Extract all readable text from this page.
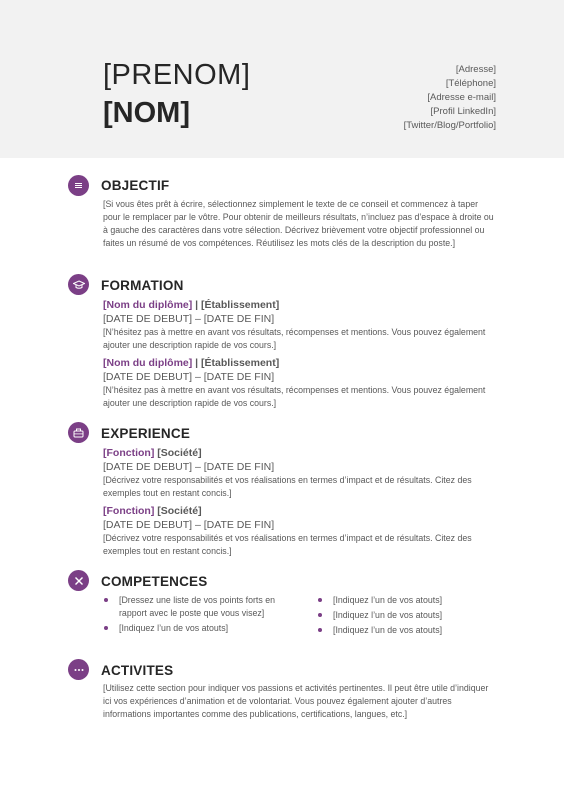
[PRENOM]
[NOM]
[Adresse]
[Téléphone]
[Adresse e-mail]
[Profil LinkedIn]
[Twitter/Blog/Portfolio]
OBJECTIF
[Si vous êtes prêt à écrire, sélectionnez simplement le texte de ce conseil et commencez à taper pour le remplacer par le vôtre. Pour obtenir de meilleurs résultats, n’incluez pas d’espace à droite ou à gauche des caractères dans votre sélection. Décrivez brièvement votre objectif professionnel ou faites un résumé de vos compétences. Réutilisez les mots clés de la description du poste.]
FORMATION
[Nom du diplôme] | [Établissement]
[DATE DE DEBUT] – [DATE DE FIN]
[N’hésitez pas à mettre en avant vos résultats, récompenses et mentions. Vous pouvez également ajouter une description rapide de vos cours.]
[Nom du diplôme] | [Établissement]
[DATE DE DEBUT] – [DATE DE FIN]
[N’hésitez pas à mettre en avant vos résultats, récompenses et mentions. Vous pouvez également ajouter une description rapide de vos cours.]
EXPERIENCE
[Fonction] [Société]
[DATE DE DEBUT] – [DATE DE FIN]
[Décrivez votre responsabilités et vos réalisations en termes d’impact et de résultats. Citez des exemples tout en restant concis.]
[Fonction] [Société]
[DATE DE DEBUT] – [DATE DE FIN]
[Décrivez votre responsabilités et vos réalisations en termes d’impact et de résultats. Citez des exemples tout en restant concis.]
COMPETENCES
[Dressez une liste de vos points forts en rapport avec le poste que vous visez]
[Indiquez l’un de vos atouts]
[Indiquez l’un de vos atouts]
[Indiquez l’un de vos atouts]
[Indiquez l’un de vos atouts]
ACTIVITES
[Utilisez cette section pour indiquer vos passions et activités pertinentes. Il peut être utile d’indiquer ici vos expériences d’animation et de volontariat. Vous pouvez également ajouter d’autres informations importantes comme des publications, certifications, langues, etc.]
